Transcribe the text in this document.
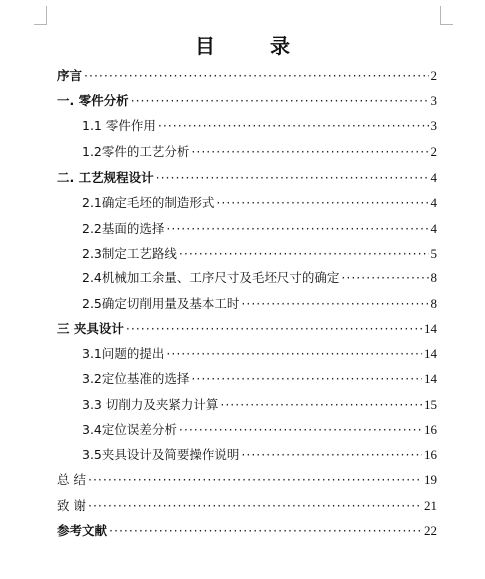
目 录
序言 ·····	2
一. 零件分析 ·····	3
1.1 零件作用 ·····	3
1.2零件的工艺分析 ·····	2
二. 工艺规程设计 ·····	4
2.1确定毛坯的制造形式 ·····	4
2.2基面的选择 ·····	4
2.3制定工艺路线 ·····	5
2.4机械加工余量、工序尺寸及毛坯尺寸的确定 ·····	8
2.5确定切削用量及基本工时 ·····	8
三 夹具设计 ·····	14
3.1问题的提出 ·····	14
3.2定位基准的选择 ·····	14
3.3 切削力及夹紧力计算 ·····	15
3.4定位误差分析 ·····	16
3.5夹具设计及简要操作说明 ·····	16
总 结 ·····	19
致 谢 ·····	21
参考文献 ·····	22
